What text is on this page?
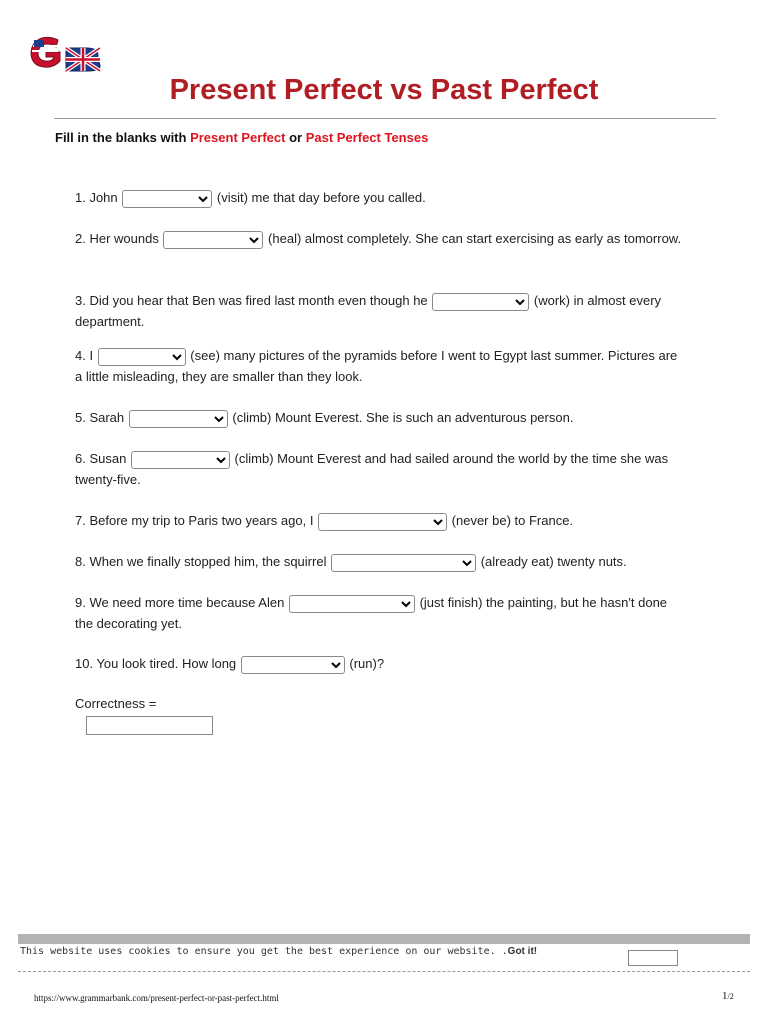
Present Perfect vs Past Perfect
Fill in the blanks with Present Perfect or Past Perfect Tenses
1. John	(visit) me that day before you called.
2. Her wounds	(heal) almost completely. She can start exercising as early as tomorrow.
3. Did you hear that Ben was fired last month even though he	(work) in almost every department.
4. I	(see) many pictures of the pyramids before I went to Egypt last summer. Pictures are a little misleading, they are smaller than they look.
5. Sarah	(climb) Mount Everest. She is such an adventurous person.
6. Susan	(climb) Mount Everest and had sailed around the world by the time she was twenty-five.
7. Before my trip to Paris two years ago, I	(never be) to France.
8. When we finally stopped him, the squirrel	(already eat) twenty nuts.
9. We need more time because Alen	(just finish) the painting, but he hasn't done the decorating yet.
10. You look tired. How long	(run)?
Correctness =
This website uses cookies to ensure you get the best experience on our website. .Got it!
https://www.grammarbank.com/present-perfect-or-past-perfect.html	1/2
